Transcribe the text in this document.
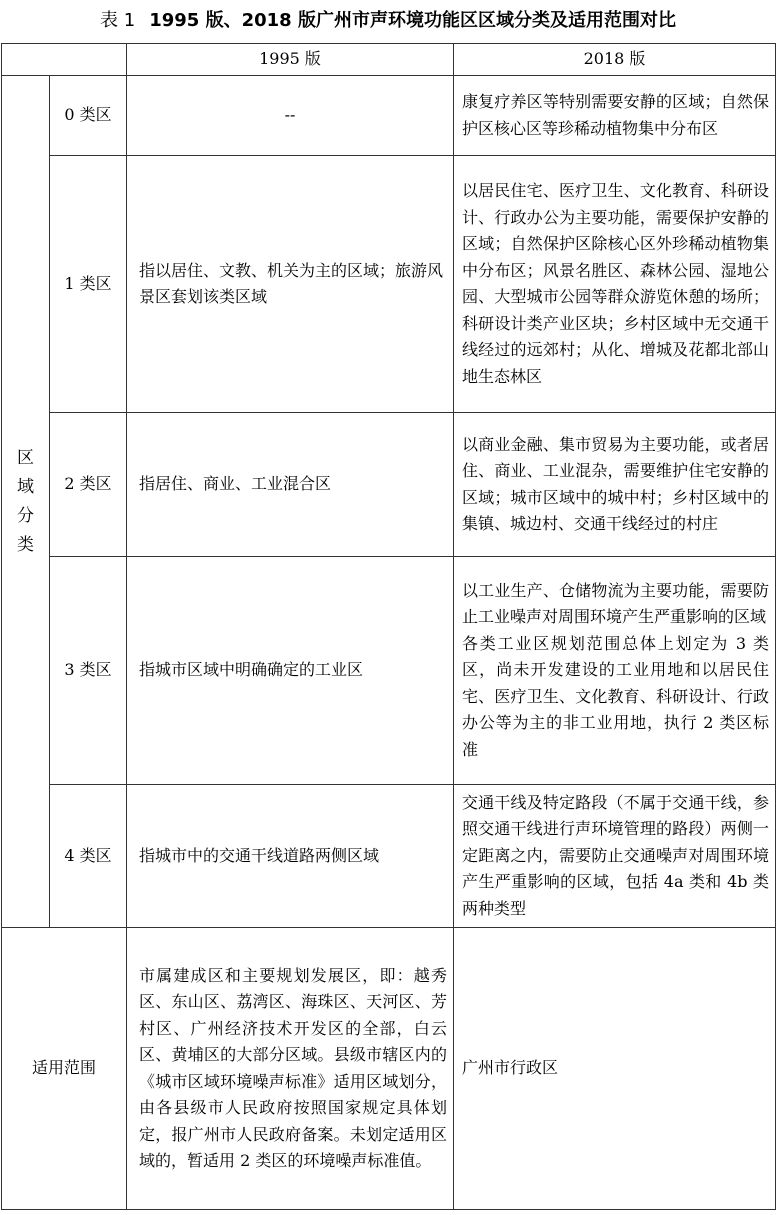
表 1 1995 版、2018 版广州市声环境功能区区域分类及适用范围对比
		1995 版	2018 版

区域分类	0 类区	--	康复疗养区等特别需要安静的区域；自然保护区核心区等珍稀动植物集中分布区

	1 类区	指以居住、文教、机关为主的区域；旅游风景区套划该类区域	以居民住宅、医疗卫生、文化教育、科研设计、行政办公为主要功能，需要保护安静的区域；自然保护区除核心区外珍稀动植物集中分布区；风景名胜区、森林公园、湿地公园、大型城市公园等群众游览休憩的场所；科研设计类产业区块；乡村区域中无交通干线经过的远郊村；从化、增城及花都北部山地生态林区

	2 类区	指居住、商业、工业混合区	以商业金融、集市贸易为主要功能，或者居住、商业、工业混杂，需要维护住宅安静的区域；城市区域中的城中村；乡村区域中的集镇、城边村、交通干线经过的村庄

	3 类区	指城市区域中明确确定的工业区	以工业生产、仓储物流为主要功能，需要防止工业噪声对周围环境产生严重影响的区域
各类工业区规划范围总体上划定为 3 类区，尚未开发建设的工业用地和以居民住宅、医疗卫生、文化教育、科研设计、行政办公等为主的非工业用地，执行 2 类区标准

	4 类区	指城市中的交通干线道路两侧区域	交通干线及特定路段（不属于交通干线，参照交通干线进行声环境管理的路段）两侧一定距离之内，需要防止交通噪声对周围环境产生严重影响的区域，包括 4a 类和 4b 类两种类型

适用范围		市属建成区和主要规划发展区，即：越秀区、东山区、荔湾区、海珠区、天河区、芳村区、广州经济技术开发区的全部，白云区、黄埔区的大部分区域。县级市辖区内的《城市区域环境噪声标准》适用区域划分，由各县级市人民政府按照国家规定具体划定，报广州市人民政府备案。未划定适用区域的，暂适用 2 类区的环境噪声标准值。	广州市行政区
